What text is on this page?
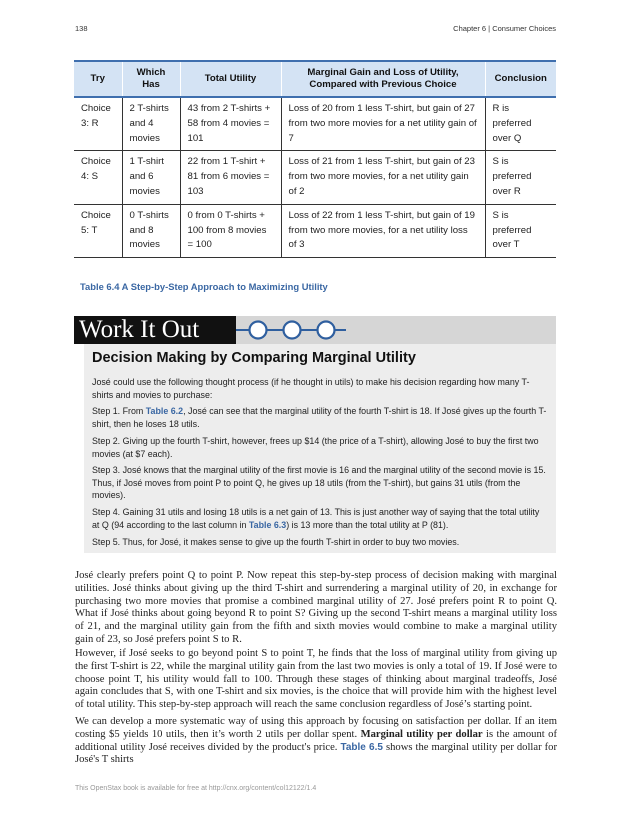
138	Chapter 6 | Consumer Choices
Try	Which Has	Total Utility	Marginal Gain and Loss of Utility, Compared with Previous Choice	Conclusion
Choice 3: R	2 T-shirts and 4 movies	43 from 2 T-shirts + 58 from 4 movies = 101	Loss of 20 from 1 less T-shirt, but gain of 27 from two more movies for a net utility gain of 7	R is preferred over Q
Choice 4: S	1 T-shirt and 6 movies	22 from 1 T-shirt + 81 from 6 movies = 103	Loss of 21 from 1 less T-shirt, but gain of 23 from two more movies, for a net utility gain of 2	S is preferred over R
Choice 5: T	0 T-shirts and 8 movies	0 from 0 T-shirts + 100 from 8 movies = 100	Loss of 22 from 1 less T-shirt, but gain of 19 from two more movies, for a net utility loss of 3	S is preferred over T
Table 6.4 A Step-by-Step Approach to Maximizing Utility
Work It Out
Decision Making by Comparing Marginal Utility

José could use the following thought process (if he thought in utils) to make his decision regarding how many T-shirts and movies to purchase:

Step 1. From Table 6.2, José can see that the marginal utility of the fourth T-shirt is 18. If José gives up the fourth T-shirt, then he loses 18 utils.

Step 2. Giving up the fourth T-shirt, however, frees up $14 (the price of a T-shirt), allowing José to buy the first two movies (at $7 each).

Step 3. José knows that the marginal utility of the first movie is 16 and the marginal utility of the second movie is 15. Thus, if José moves from point P to point Q, he gives up 18 utils (from the T-shirt), but gains 31 utils (from the movies).

Step 4. Gaining 31 utils and losing 18 utils is a net gain of 13. This is just another way of saying that the total utility at Q (94 according to the last column in Table 6.3) is 13 more than the total utility at P (81).

Step 5. Thus, for José, it makes sense to give up the fourth T-shirt in order to buy two movies.

José clearly prefers point Q to point P. Now repeat this step-by-step process of decision making with marginal utilities. José thinks about giving up the third T-shirt and surrendering a marginal utility of 20, in exchange for purchasing two more movies that promise a combined marginal utility of 27. José prefers point R to point Q. What if José thinks about going beyond R to point S? Giving up the second T-shirt means a marginal utility loss of 21, and the marginal utility gain from the fifth and sixth movies would combine to make a marginal utility gain of 23, so José prefers point S to R.

However, if José seeks to go beyond point S to point T, he finds that the loss of marginal utility from giving up the first T-shirt is 22, while the marginal utility gain from the last two movies is only a total of 19. If José were to choose point T, his utility would fall to 100. Through these stages of thinking about marginal tradeoffs, José again concludes that S, with one T-shirt and six movies, is the choice that will provide him with the highest level of total utility. This step-by-step approach will reach the same conclusion regardless of José’s starting point.

We can develop a more systematic way of using this approach by focusing on satisfaction per dollar. If an item costing $5 yields 10 utils, then it’s worth 2 utils per dollar spent. Marginal utility per dollar is the amount of additional utility José receives divided by the product's price. Table 6.5 shows the marginal utility per dollar for José's T shirts

This OpenStax book is available for free at http://cnx.org/content/col12122/1.4
